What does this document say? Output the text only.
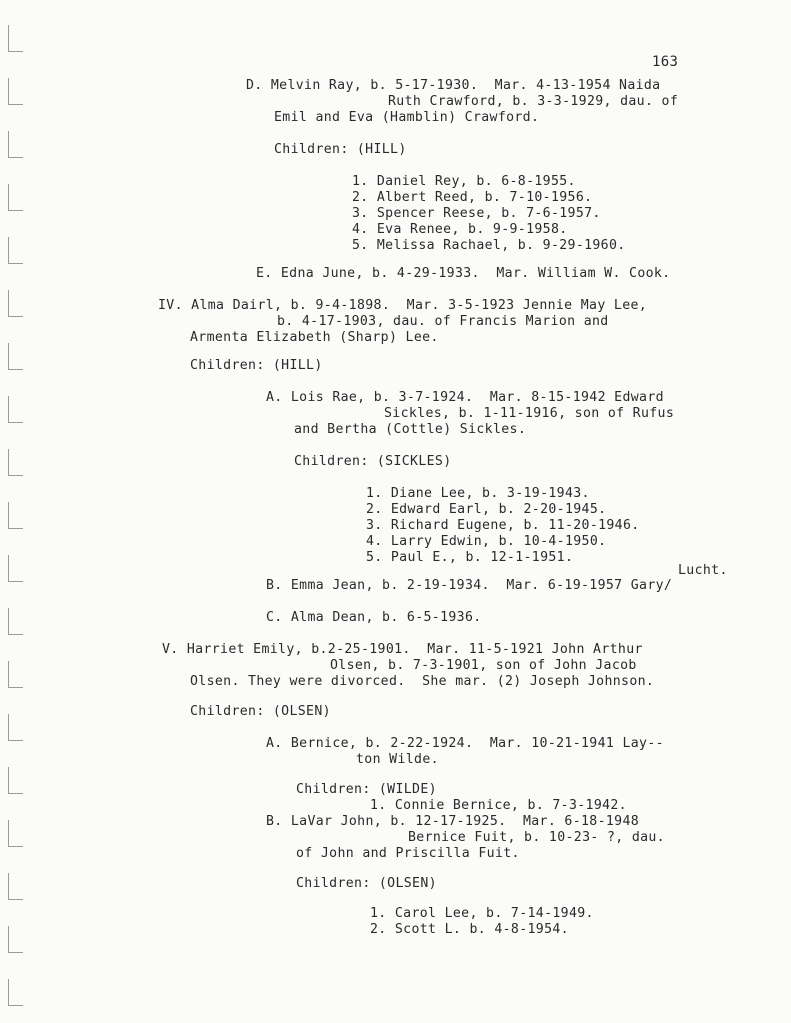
163
D. Melvin Ray, b. 5-17-1930.  Mar. 4-13-1954 Naida
Ruth Crawford, b. 3-3-1929, dau. of
Emil and Eva (Hamblin) Crawford.
Children: (HILL)
1. Daniel Rey, b. 6-8-1955.
2. Albert Reed, b. 7-10-1956.
3. Spencer Reese, b. 7-6-1957.
4. Eva Renee, b. 9-9-1958.
5. Melissa Rachael, b. 9-29-1960.
E. Edna June, b. 4-29-1933.  Mar. William W. Cook.
IV. Alma Dairl, b. 9-4-1898.  Mar. 3-5-1923 Jennie May Lee,
b. 4-17-1903, dau. of Francis Marion and
Armenta Elizabeth (Sharp) Lee.
Children: (HILL)
A. Lois Rae, b. 3-7-1924.  Mar. 8-15-1942 Edward
Sickles, b. 1-11-1916, son of Rufus
and Bertha (Cottle) Sickles.
Children: (SICKLES)
1. Diane Lee, b. 3-19-1943.
2. Edward Earl, b. 2-20-1945.
3. Richard Eugene, b. 11-20-1946.
4. Larry Edwin, b. 10-4-1950.
5. Paul E., b. 12-1-1951.
Lucht.
B. Emma Jean, b. 2-19-1934.  Mar. 6-19-1957 Gary/
C. Alma Dean, b. 6-5-1936.
V. Harriet Emily, b.2-25-1901.  Mar. 11-5-1921 John Arthur
Olsen, b. 7-3-1901, son of John Jacob
Olsen. They were divorced.  She mar. (2) Joseph Johnson.
Children: (OLSEN)
A. Bernice, b. 2-22-1924.  Mar. 10-21-1941 Lay--
ton Wilde.
Children: (WILDE)
1. Connie Bernice, b. 7-3-1942.
B. LaVar John, b. 12-17-1925.  Mar. 6-18-1948
Bernice Fuit, b. 10-23- ?, dau.
of John and Priscilla Fuit.
Children: (OLSEN)
1. Carol Lee, b. 7-14-1949.
2. Scott L. b. 4-8-1954.
